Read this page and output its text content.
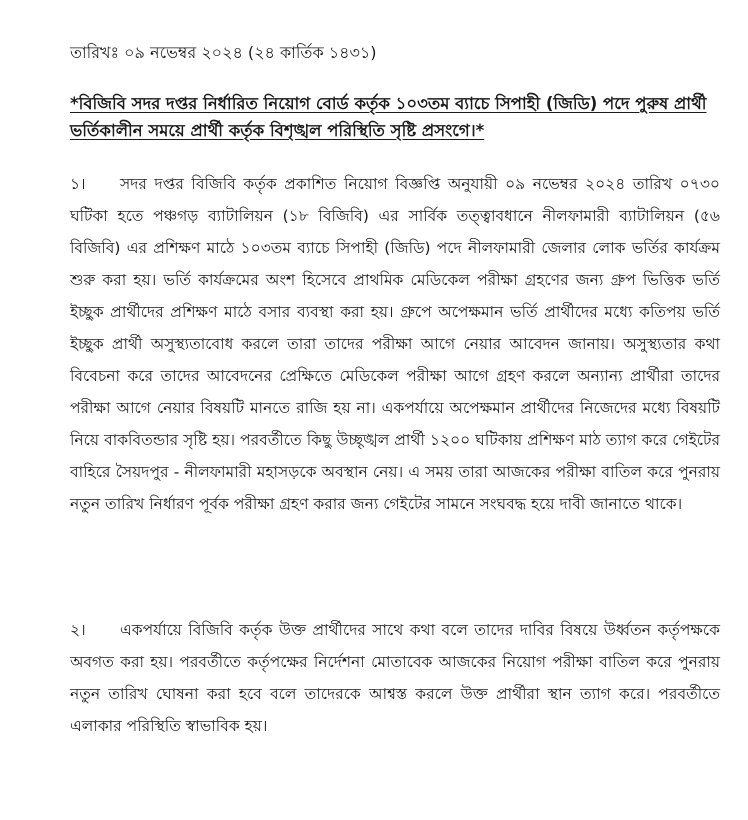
তারিখঃ ০৯ নভেম্বর ২০২৪ (২৪ কার্তিক ১৪৩১)
*বিজিবি সদর দপ্তর নির্ধারিত নিয়োগ বোর্ড কর্তৃক ১০৩তম ব্যাচে সিপাহী (জিডি) পদে পুরুষ প্রার্থী ভর্তিকালীন সময়ে প্রার্থী কর্তৃক বিশৃঙ্খল পরিস্থিতি সৃষ্টি প্রসংগে।*
১। সদর দপ্তর বিজিবি কর্তৃক প্রকাশিত নিয়োগ বিজ্ঞপ্তি অনুযায়ী ০৯ নভেম্বর ২০২৪ তারিখ ০৭৩০ ঘটিকা হতে পঞ্চগড় ব্যাটালিয়ন (১৮ বিজিবি) এর সার্বিক তত্ত্বাবধানে নীলফামারী ব্যাটালিয়ন (৫৬ বিজিবি) এর প্রশিক্ষণ মাঠে ১০৩তম ব্যাচে সিপাহী (জিডি) পদে নীলফামারী জেলার লোক ভর্তির কার্যক্রম শুরু করা হয়। ভর্তি কার্যক্রমের অংশ হিসেবে প্রাথমিক মেডিকেল পরীক্ষা গ্রহণের জন্য গ্রুপ ভিত্তিক ভর্তি ইচ্ছুক প্রার্থীদের প্রশিক্ষণ মাঠে বসার ব্যবস্থা করা হয়। গ্রুপে অপেক্ষমান ভর্তি প্রার্থীদের মধ্যে কতিপয় ভর্তি ইচ্ছুক প্রার্থী অসুস্থ্যতাবোধ করলে তারা তাদের পরীক্ষা আগে নেয়ার আবেদন জানায়। অসুস্থ্যতার কথা বিবেচনা করে তাদের আবেদনের প্রেক্ষিতে মেডিকেল পরীক্ষা আগে গ্রহণ করলে অন্যান্য প্রার্থীরা তাদের পরীক্ষা আগে নেয়ার বিষয়টি মানতে রাজি হয় না। একপর্যায়ে অপেক্ষমান প্রার্থীদের নিজেদের মধ্যে বিষয়টি নিয়ে বাকবিতন্ডার সৃষ্টি হয়। পরবর্তীতে কিছু উচ্ছৃঙ্খল প্রার্থী ১২০০ ঘটিকায় প্রশিক্ষণ মাঠ ত্যাগ করে গেইটের বাহিরে সৈয়দপুর - নীলফামারী মহাসড়কে অবস্থান নেয়। এ সময় তারা আজকের পরীক্ষা বাতিল করে পুনরায় নতুন তারিখ নির্ধারণ পূর্বক পরীক্ষা গ্রহণ করার জন্য গেইটের সামনে সংঘবদ্ধ হয়ে দাবী জানাতে থাকে।
২। একপর্যায়ে বিজিবি কর্তৃক উক্ত প্রার্থীদের সাথে কথা বলে তাদের দাবির বিষয়ে উর্ধ্বতন কর্তৃপক্ষকে অবগত করা হয়। পরবর্তীতে কর্তৃপক্ষের নির্দেশনা মোতাবেক আজকের নিয়োগ পরীক্ষা বাতিল করে পুনরায় নতুন তারিখ ঘোষনা করা হবে বলে তাদেরকে আশ্বস্ত করলে উক্ত প্রার্থীরা স্থান ত্যাগ করে। পরবর্তীতে এলাকার পরিস্থিতি স্বাভাবিক হয়।
